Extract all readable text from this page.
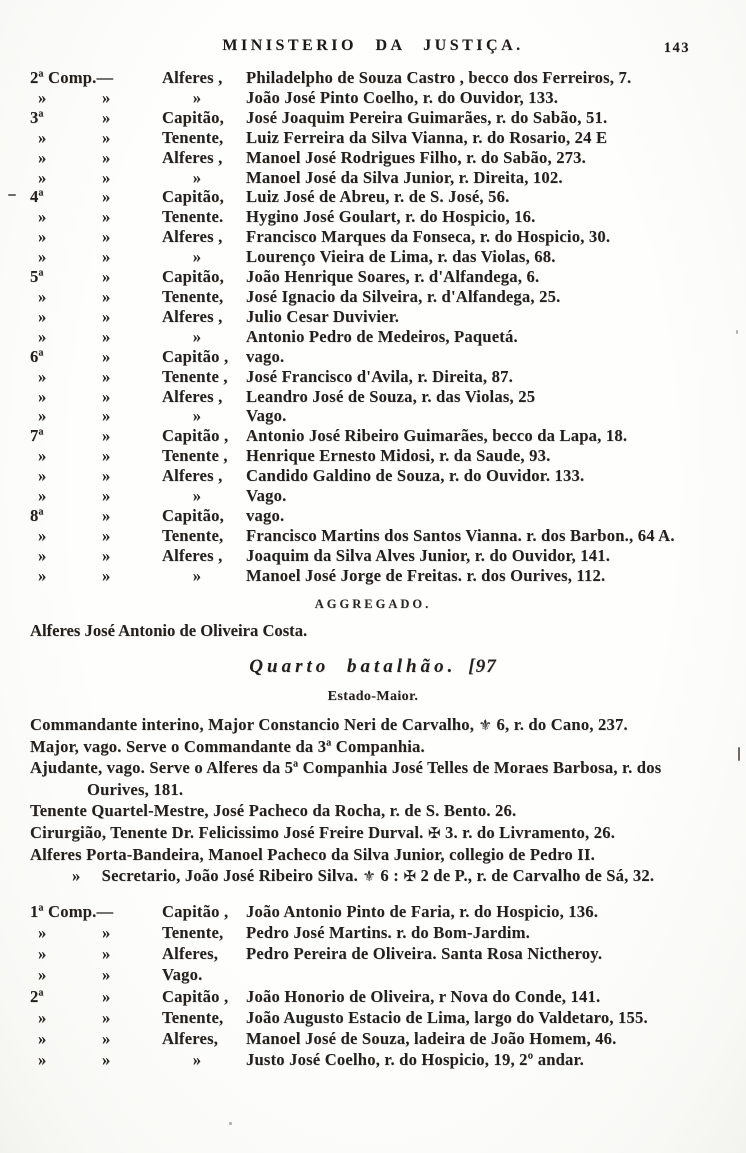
MINISTERIO DA JUSTIÇA.	143
2ª Comp.—	Alferes ,	Philadelpho de Souza Castro , becco dos Ferreiros, 7.
»	»	»	João José Pinto Coelho, r. do Ouvidor, 133.
3ª	»	Capitão,	José Joaquim Pereira Guimarães, r. do Sabão, 51.
»	»	Tenente,	Luiz Ferreira da Silva Vianna, r. do Rosario, 24 E
»	»	Alferes ,	Manoel José Rodrigues Filho, r. do Sabão, 273.
»	»	»	Manoel José da Silva Junior, r. Direita, 102.
4ª	»	Capitão,	Luiz José de Abreu, r. de S. José, 56.
»	»	Tenente.	Hygino José Goulart, r. do Hospicio, 16.
»	»	Alferes ,	Francisco Marques da Fonseca, r. do Hospicio, 30.
»	»	»	Lourenço Vieira de Lima, r. das Violas, 68.
5ª	»	Capitão,	João Henrique Soares, r. d'Alfandega, 6.
»	»	Tenente,	José Ignacio da Silveira, r. d'Alfandega, 25.
»	»	Alferes ,	Julio Cesar Duvivier.
»	»	»	Antonio Pedro de Medeiros, Paquetá.
6ª	»	Capitão ,	vago.
»	»	Tenente ,	José Francisco d'Avila, r. Direita, 87.
»	»	Alferes ,	Leandro José de Souza, r. das Violas, 25
»	»	»	Vago.
7ª	»	Capitão ,	Antonio José Ribeiro Guimarães, becco da Lapa, 18.
»	»	Tenente ,	Henrique Ernesto Midosi, r. da Saude, 93.
»	»	Alferes ,	Candido Galdino de Souza, r. do Ouvidor. 133.
»	»	»	Vago.
8ª	»	Capitão,	vago.
»	»	Tenente,	Francisco Martins dos Santos Vianna. r. dos Barbon., 64 A.
»	»	Alferes ,	Joaquim da Silva Alves Junior, r. do Ouvidor, 141.
»	»	»	Manoel José Jorge de Freitas. r. dos Ourives, 112.
AGGREGADO.
Alferes José Antonio de Oliveira Costa.
Quarto batalhão. [97
Estado-Maior.

Commandante interino, Major Constancio Neri de Carvalho, ⚜ 6, r. do Cano, 237.

Major, vago. Serve o Commandante da 3ª Companhia.

Ajudante, vago. Serve o Alferes da 5ª Companhia José Telles de Moraes Barbosa, r. dos Ourives, 181.

Tenente Quartel-Mestre, José Pacheco da Rocha, r. de S. Bento. 26.

Cirurgião, Tenente Dr. Felicissimo José Freire Durval. ✠ 3. r. do Livramento, 26.

Alferes Porta-Bandeira, Manoel Pacheco da Silva Junior, collegio de Pedro II.

»  Secretario, João José Ribeiro Silva. ⚜ 6 : ✠ 2 de P., r. de Carvalho de Sá, 32.

1ª Comp.—	Capitão ,	João Antonio Pinto de Faria, r. do Hospicio, 136.
»	»	Tenente,	Pedro José Martins. r. do Bom-Jardim.
»	»	Alferes,	Pedro Pereira de Oliveira. Santa Rosa Nictheroy.
»	»	Vago.
2ª	»	Capitão ,	João Honorio de Oliveira, r Nova do Conde, 141.
»	»	Tenente,	João Augusto Estacio de Lima, largo do Valdetaro, 155.
»	»	Alferes,	Manoel José de Souza, ladeira de João Homem, 46.
»	»	»	Justo José Coelho, r. do Hospicio, 19, 2º andar.
